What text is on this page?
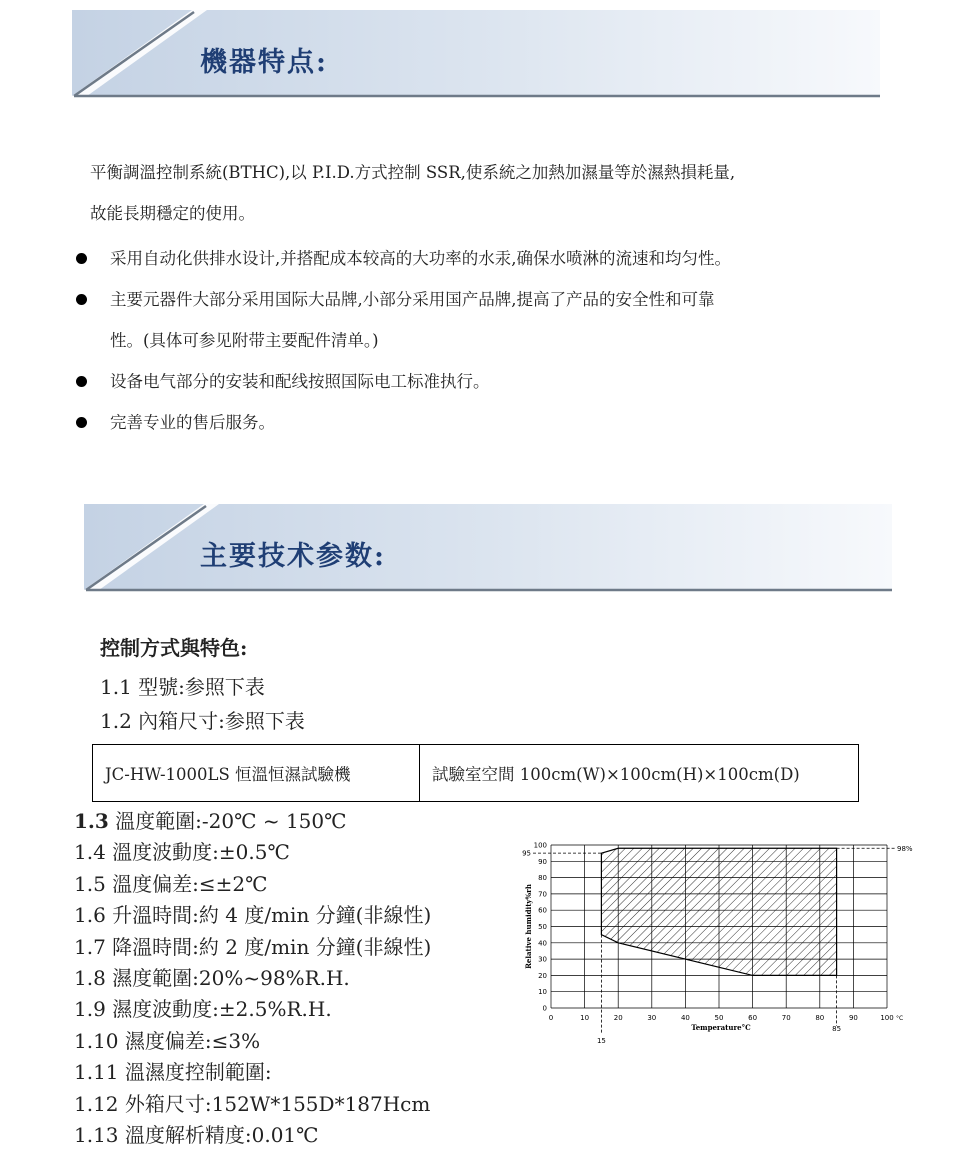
機器特点:
平衡調溫控制系統(BTHC),以 P.I.D.方式控制 SSR,使系統之加熱加濕量等於濕熱損耗量,
故能長期穩定的使用。
采用自动化供排水设计,并搭配成本较高的大功率的水汞,确保水喷淋的流速和均匀性。
主要元器件大部分采用国际大品牌,小部分采用国产品牌,提高了产品的安全性和可靠
性。(具体可参见附带主要配件清单。)
设备电气部分的安装和配线按照国际电工标准执行。
完善专业的售后服务。
主要技术参数:
控制方式與特色:
1.1 型號:参照下表
1.2 內箱尺寸:参照下表
JC-HW-1000LS 恒溫恒濕試驗機	試驗室空間 100cm(W)×100cm(H)×100cm(D)
1.3 溫度範圍:-20℃ ~ 150℃
1.4 溫度波動度:±0.5℃
1.5 溫度偏差:≤±2℃
1.6 升溫時間:約 4 度/min 分鐘(非線性)
1.7 降溫時間:約 2 度/min 分鐘(非線性)
1.8 濕度範圍:20%~98%R.H.
1.9 濕度波動度:±2.5%R.H.
1.10 濕度偏差:≤3%
1.11 溫濕度控制範圍:
1.12 外箱尺寸:152W*155D*187Hcm
1.13 溫度解析精度:0.01℃
0	10	20	30	40	50	60	70	80	90	100
0
10
20
30
40
50
60
70
80
90
100
°C
95
98%
15
85
Temperature°C
Relative humidity%rh
